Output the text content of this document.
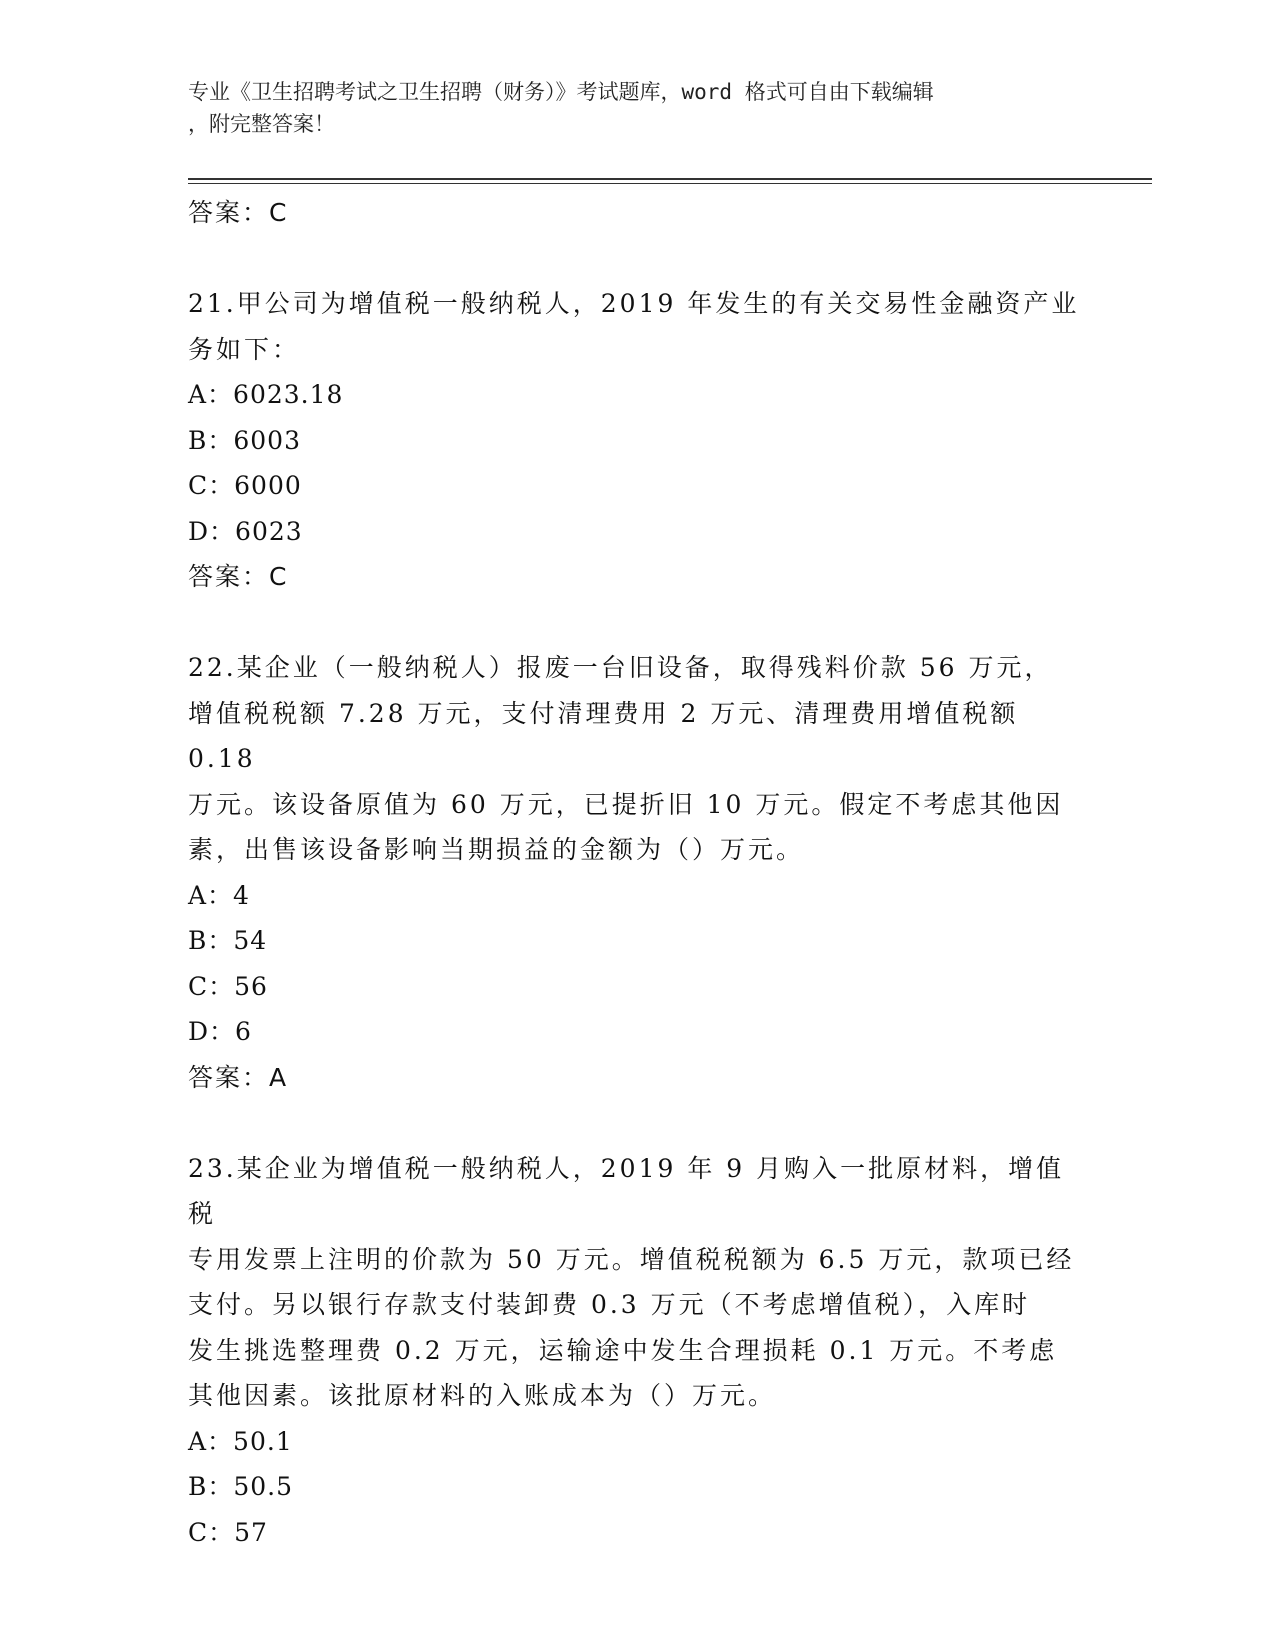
专业《卫生招聘考试之卫生招聘（财务）》考试题库，word 格式可自由下载编辑
，附完整答案！
答案：C
21.甲公司为增值税一般纳税人，2019 年发生的有关交易性金融资产业
务如下：
A：6023.18
B：6003
C：6000
D：6023
答案：C
22.某企业（一般纳税人）报废一台旧设备，取得残料价款 56 万元，
增值税税额 7.28 万元，支付清理费用 2 万元、清理费用增值税额 0.18
万元。该设备原值为 60 万元，已提折旧 10 万元。假定不考虑其他因
素，出售该设备影响当期损益的金额为（）万元。
A：4
B：54
C：56
D：6
答案：A
23.某企业为增值税一般纳税人，2019 年 9 月购入一批原材料，增值税
专用发票上注明的价款为 50 万元。增值税税额为 6.5 万元，款项已经
支付。另以银行存款支付装卸费 0.3 万元（不考虑增值税），入库时
发生挑选整理费 0.2 万元，运输途中发生合理损耗 0.1 万元。不考虑
其他因素。该批原材料的入账成本为（）万元。
A：50.1
B：50.5
C：57
